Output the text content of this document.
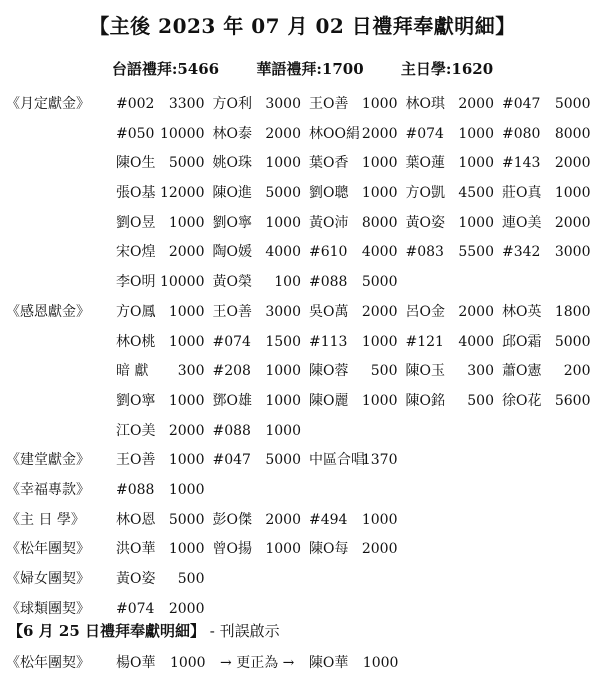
【主後 2023 年 07 月 02 日禮拜奉獻明細】
台語禮拜:5466 華語禮拜:1700 主日學:1620
《月定獻金》 #002 3300 方O利 3000 王O善 1000 林O琪 2000 #047 5000
#050 10000 林O泰 2000 林OO絹 2000 #074 1000 #080 8000
陳O生 5000 姚O珠 1000 葉O香 1000 葉O蓮 1000 #143 2000
張O基 12000 陳O進 5000 劉O聰 1000 方O凱 4500 莊O真 1000
劉O昱 1000 劉O寧 1000 黃O沛 8000 黃O姿 1000 連O美 2000
宋O煌 2000 陶O媛 4000 #610 4000 #083 5500 #342 3000
李O明 10000 黃O榮 100 #088 5000
《感恩獻金》 方O鳳 1000 王O善 3000 吳O萬 2000 呂O金 2000 林O英 1800
林O桃 1000 #074 1500 #113 1000 #121 4000 邱O霜 5000
暗 獻 300 #208 1000 陳O蓉 500 陳O玉 300 蕭O憲 200
劉O寧 1000 鄧O雄 1000 陳O麗 1000 陳O銘 500 徐O花 5600
江O美 2000 #088 1000
《建堂獻金》 王O善 1000 #047 5000 中區合唱
1370
《幸福專款》 #088 1000
《主 日 學》 林O恩 5000 彭O傑 2000 #494 1000
《松年團契》 洪O華 1000 曾O揚 1000 陳O每 2000
《婦女團契》 黃O姿 500
《球類團契》 #074 2000
【6 月 25 日禮拜奉獻明細】 - 刊誤啟示
《松年團契》 楊O華 1000 → 更正為 → 陳O華 1000
